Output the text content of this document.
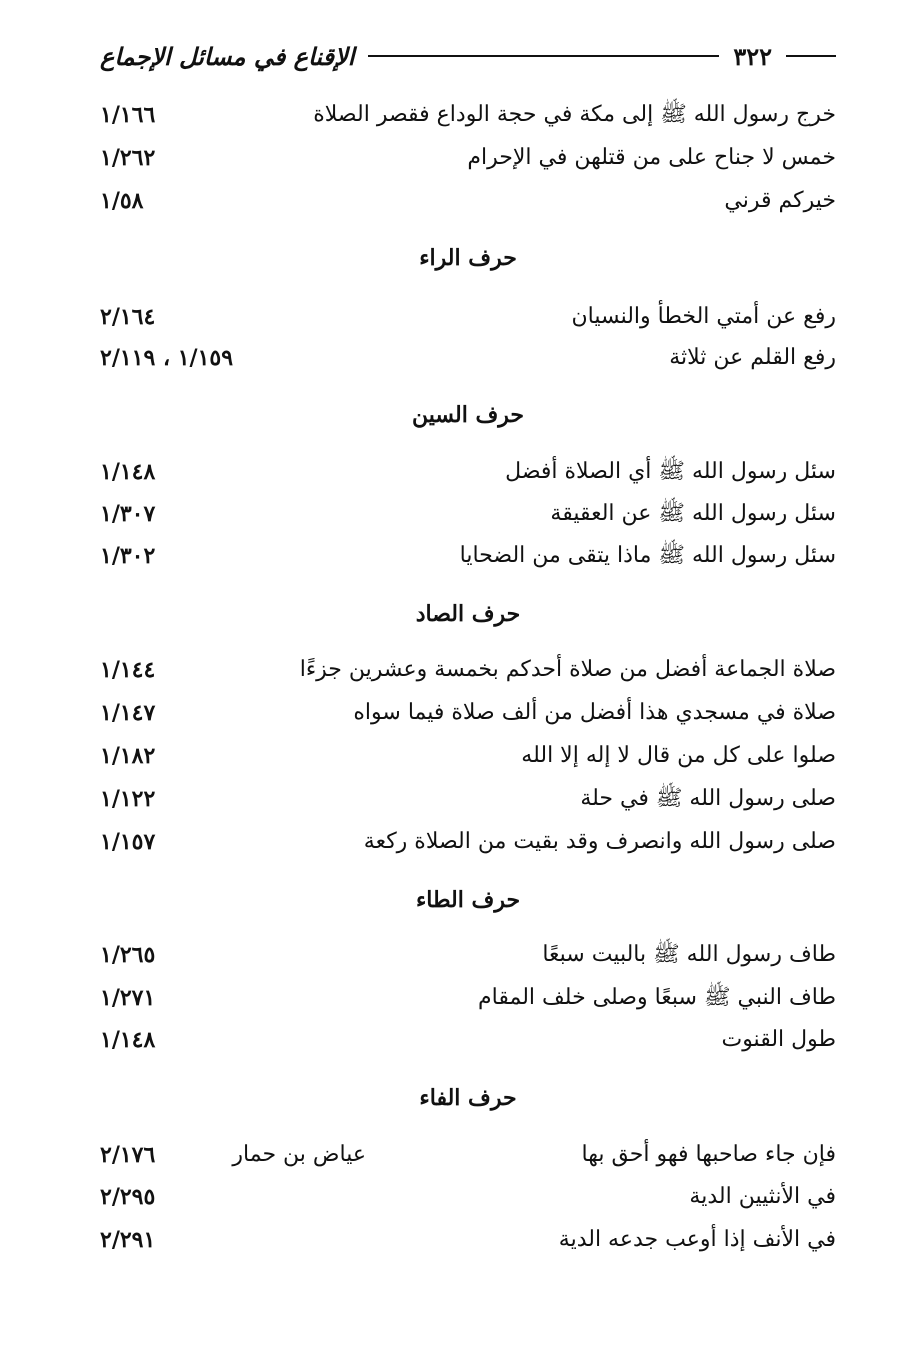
٣٢٢
الإقناع في مسائل الإجماع
خرج رسول الله ﷺ إلى مكة في حجة الوداع فقصر الصلاة
١/١٦٦
خمس لا جناح على من قتلهن في الإحرام
١/٢٦٢
خيركم قرني
١/٥٨
حرف الراء
رفع عن أمتي الخطأ والنسيان
٢/١٦٤
رفع القلم عن ثلاثة
١/١٥٩ ، ٢/١١٩
حرف السين
سئل رسول الله ﷺ أي الصلاة أفضل
١/١٤٨
سئل رسول الله ﷺ عن العقيقة
١/٣٠٧
سئل رسول الله ﷺ ماذا يتقى من الضحايا
١/٣٠٢
حرف الصاد
صلاة الجماعة أفضل من صلاة أحدكم بخمسة وعشرين جزءًا
١/١٤٤
صلاة في مسجدي هذا أفضل من ألف صلاة فيما سواه
١/١٤٧
صلوا على كل من قال لا إله إلا الله
١/١٨٢
صلى رسول الله ﷺ في حلة
١/١٢٢
صلى رسول الله وانصرف وقد بقيت من الصلاة ركعة
١/١٥٧
حرف الطاء
طاف رسول الله ﷺ بالبيت سبعًا
١/٢٦٥
طاف النبي ﷺ سبعًا وصلى خلف المقام
١/٢٧١
طول القنوت
١/١٤٨
حرف الفاء
فإن جاء صاحبها فهو أحق بها
عياض بن حمار
٢/١٧٦
في الأنثيين الدية
٢/٢٩٥
في الأنف إذا أوعب جدعه الدية
٢/٢٩١
